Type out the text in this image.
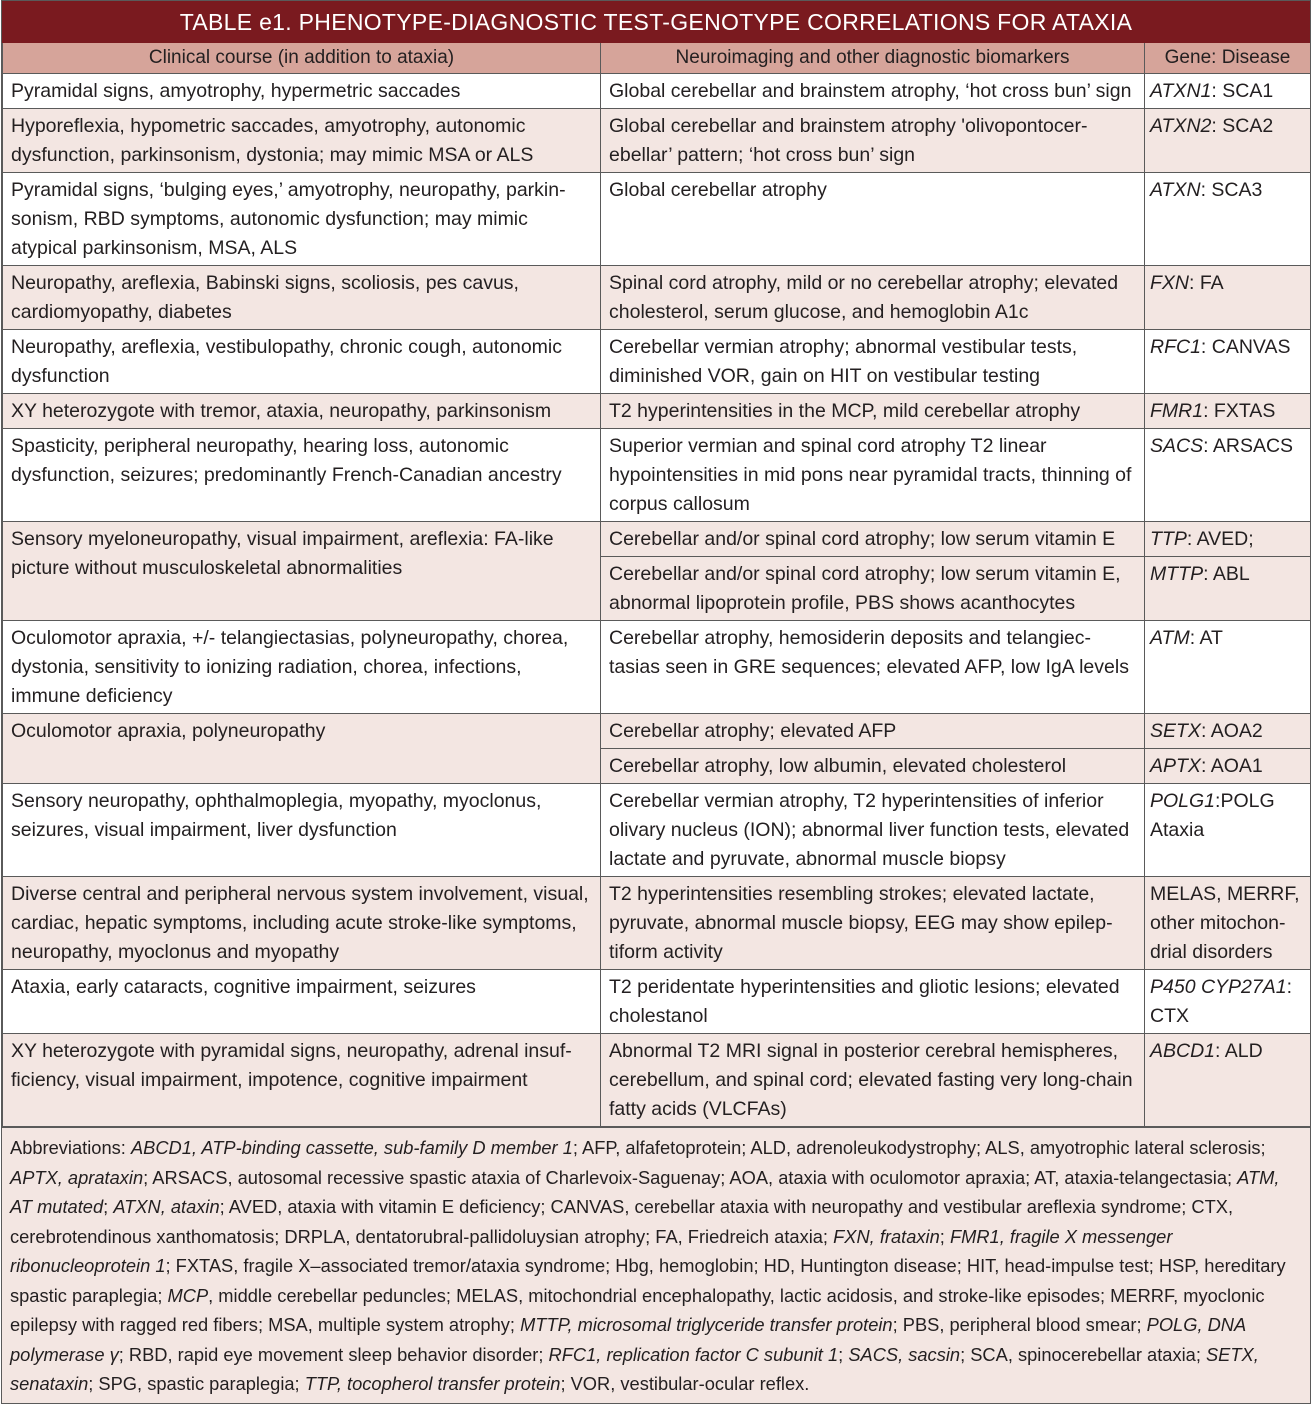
TABLE e1. PHENOTYPE-DIAGNOSTIC TEST-GENOTYPE CORRELATIONS FOR ATAXIA
Clinical course (in addition to ataxia)	Neuroimaging and other diagnostic biomarkers	Gene: Disease
Pyramidal signs, amyotrophy, hypermetric saccades	Global cerebellar and brainstem atrophy, ‘hot cross bun’ sign	ATXN1: SCA1
Hyporeflexia, hypometric saccades, amyotrophy, autonomic dysfunction, parkinsonism, dystonia; may mimic MSA or ALS	Global cerebellar and brainstem atrophy 'olivopontocer-ebellar’ pattern; ‘hot cross bun’ sign	ATXN2: SCA2
Pyramidal signs, ‘bulging eyes,’ amyotrophy, neuropathy, parkin-sonism, RBD symptoms, autonomic dysfunction; may mimic atypical parkinsonism, MSA, ALS	Global cerebellar atrophy	ATXN: SCA3
Neuropathy, areflexia, Babinski signs, scoliosis, pes cavus, cardiomyopathy, diabetes	Spinal cord atrophy, mild or no cerebellar atrophy; elevated cholesterol, serum glucose, and hemoglobin A1c	FXN: FA
Neuropathy, areflexia, vestibulopathy, chronic cough, autonomic dysfunction	Cerebellar vermian atrophy; abnormal vestibular tests, diminished VOR, gain on HIT on vestibular testing	RFC1: CANVAS
XY heterozygote with tremor, ataxia, neuropathy, parkinsonism	T2 hyperintensities in the MCP, mild cerebellar atrophy	FMR1: FXTAS
Spasticity, peripheral neuropathy, hearing loss, autonomic dysfunction, seizures; predominantly French-Canadian ancestry	Superior vermian and spinal cord atrophy T2 linear hypointensities in mid pons near pyramidal tracts, thinning of corpus callosum	SACS: ARSACS
Sensory myeloneuropathy, visual impairment, areflexia: FA-like picture without musculoskeletal abnormalities	Cerebellar and/or spinal cord atrophy; low serum vitamin E	TTP: AVED;
	Cerebellar and/or spinal cord atrophy; low serum vitamin E, abnormal lipoprotein profile, PBS shows acanthocytes	MTTP: ABL
Oculomotor apraxia, +/- telangiectasias, polyneuropathy, chorea, dystonia, sensitivity to ionizing radiation, chorea, infections, immune deficiency	Cerebellar atrophy, hemosiderin deposits and telangiec-tasias seen in GRE sequences; elevated AFP, low IgA levels	ATM: AT
Oculomotor apraxia, polyneuropathy	Cerebellar atrophy; elevated AFP	SETX: AOA2
	Cerebellar atrophy, low albumin, elevated cholesterol	APTX: AOA1
Sensory neuropathy, ophthalmoplegia, myopathy, myoclonus, seizures, visual impairment, liver dysfunction	Cerebellar vermian atrophy, T2 hyperintensities of inferior olivary nucleus (ION); abnormal liver function tests, elevated lactate and pyruvate, abnormal muscle biopsy	POLG1:POLG Ataxia
Diverse central and peripheral nervous system involvement, visual, cardiac, hepatic symptoms, including acute stroke-like symptoms, neuropathy, myoclonus and myopathy	T2 hyperintensities resembling strokes; elevated lactate, pyruvate, abnormal muscle biopsy, EEG may show epilep-tiform activity	MELAS, MERRF, other mitochon-drial disorders
Ataxia, early cataracts, cognitive impairment, seizures	T2 peridentate hyperintensities and gliotic lesions; elevated cholestanol	P450 CYP27A1: CTX
XY heterozygote with pyramidal signs, neuropathy, adrenal insuf-ficiency, visual impairment, impotence, cognitive impairment	Abnormal T2 MRI signal in posterior cerebral hemispheres, cerebellum, and spinal cord; elevated fasting very long-chain fatty acids (VLCFAs)	ABCD1: ALD
Abbreviations: ABCD1, ATP-binding cassette, sub-family D member 1; AFP, alfafetoprotein; ALD, adrenoleukodystrophy; ALS, amyotrophic lateral sclerosis; APTX, aprataxin; ARSACS, autosomal recessive spastic ataxia of Charlevoix-Saguenay; AOA, ataxia with oculomotor apraxia; AT, ataxia-telangectasia; ATM, AT mutated; ATXN, ataxin; AVED, ataxia with vitamin E deficiency; CANVAS, cerebellar ataxia with neuropathy and vestibular areflexia syndrome; CTX, cerebrotendinous xanthomatosis; DRPLA, dentatorubral-pallidoluysian atrophy; FA, Friedreich ataxia; FXN, frataxin; FMR1, fragile X messenger ribonucleoprotein 1; FXTAS, fragile X–associated tremor/ataxia syndrome; Hbg, hemoglobin; HD, Huntington disease; HIT, head-impulse test; HSP, hereditary spastic paraplegia; MCP, middle cerebellar peduncles; MELAS, mitochondrial encephalopathy, lactic acidosis, and stroke-like episodes; MERRF, myoclonic epilepsy with ragged red fibers; MSA, multiple system atrophy; MTTP, microsomal triglyceride transfer protein; PBS, peripheral blood smear; POLG, DNA polymerase γ; RBD, rapid eye movement sleep behavior disorder; RFC1, replication factor C subunit 1; SACS, sacsin; SCA, spinocerebellar ataxia; SETX, senataxin; SPG, spastic paraplegia; TTP, tocopherol transfer protein; VOR, vestibular-ocular reflex.
